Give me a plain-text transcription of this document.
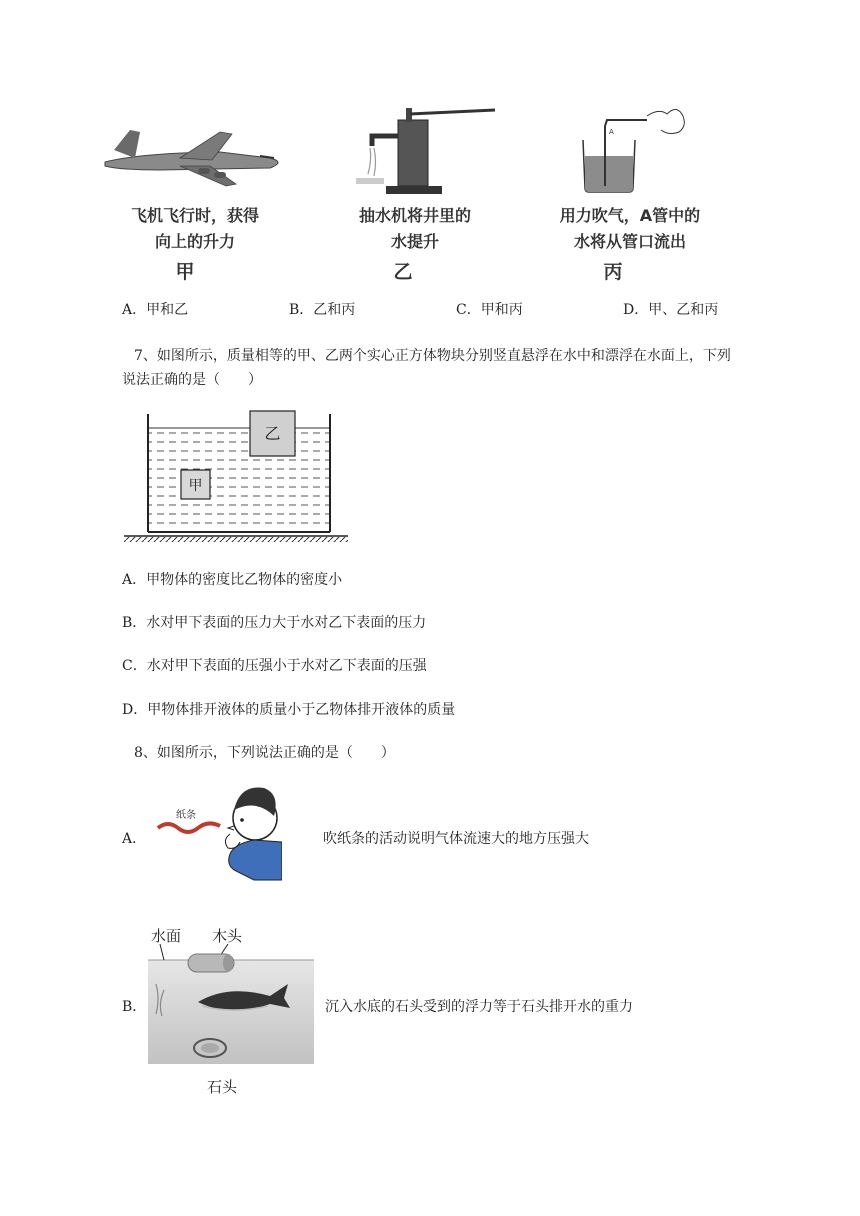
飞机飞行时，获得
向上的升力
甲
抽水机将井里的
水提升
乙
A
用力吹气，A管中的
水将从管口流出
丙
A．甲和乙	B．乙和丙	C．甲和丙	D．甲、乙和丙
7、如图所示，质量相等的甲、乙两个实心正方体物块分别竖直悬浮在水中和漂浮在水面上，下列
说法正确的是（　　）
甲
乙
A．甲物体的密度比乙物体的密度小
B．水对甲下表面的压力大于水对乙下表面的压力
C．水对甲下表面的压强小于水对乙下表面的压强
D．甲物体排开液体的质量小于乙物体排开液体的质量
8、如图所示，下列说法正确的是（　　）
A．
纸条
吹纸条的活动说明气体流速大的地方压强大
B．
水面 木头
石头
沉入水底的石头受到的浮力等于石头排开水的重力
